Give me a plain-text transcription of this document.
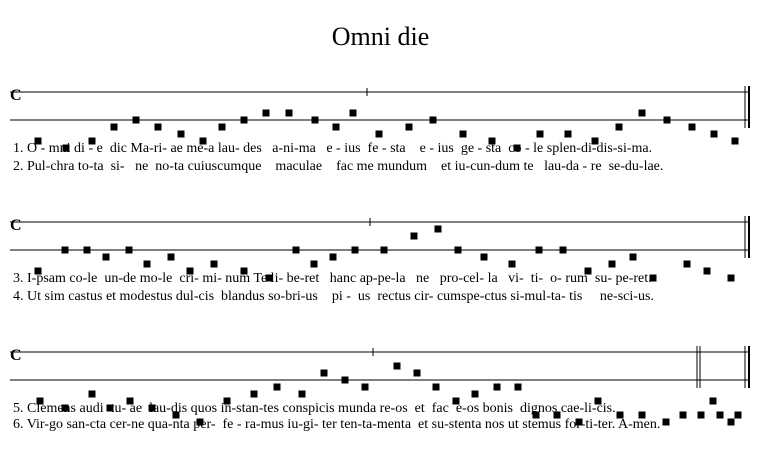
Omni die
C
1. O - mni di - e  dic Ma-ri- ae me-a lau- des   a-ni-ma   e - ius  fe - sta    e - ius  ge - sta  co - le splen-di-dis-si-ma.
2. Pul-chra to-ta  si-   ne  no-ta cuiuscumque    maculae    fac me mundum    et iu-cun-dum te   lau-da - re  se-du-lae.
C
3. I-psam co-le  un-de mo-le  cri- mi- num Te li- be-ret   hanc ap-pe-la   ne   pro-cel- la   vi-  ti-  o- rum  su- pe-ret.
4. Ut sim castus et modestus dul-cis  blandus so-bri-us    pi -  us  rectus cir- cumspe-ctus si-mul-ta- tis     ne-sci-us.
C
5. Clemens audi  tu- ae  lau-dis quos in-stan-tes conspicis munda re-os  et  fac  e-os bonis  dignos cae-li-cis.
6. Vir-go san-cta cer-ne qua-nta per-  fe - ra-mus iu-gi- ter ten-ta-menta  et su-stenta nos ut stemus for-ti-ter. A-men.
